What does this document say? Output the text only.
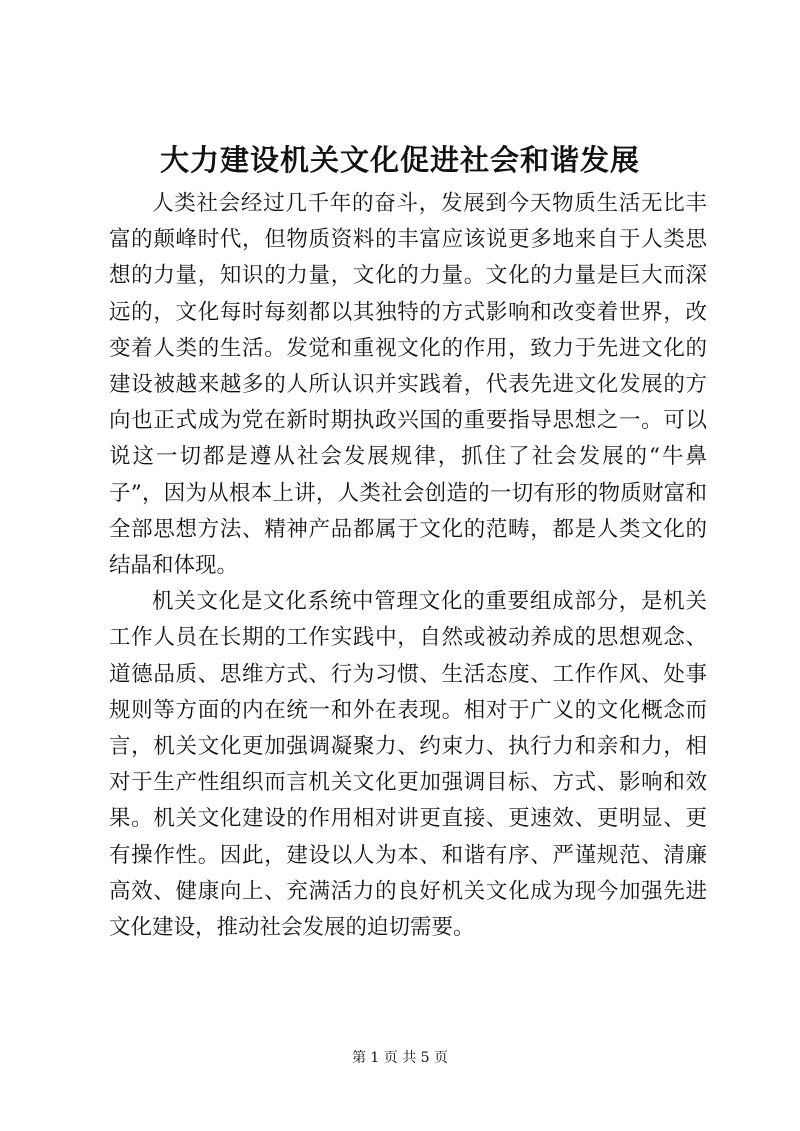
大力建设机关文化促进社会和谐发展

人类社会经过几千年的奋斗，发展到今天物质生活无比丰富的颠峰时代，但物质资料的丰富应该说更多地来自于人类思想的力量，知识的力量，文化的力量。文化的力量是巨大而深远的，文化每时每刻都以其独特的方式影响和改变着世界，改变着人类的生活。发觉和重视文化的作用，致力于先进文化的建设被越来越多的人所认识并实践着，代表先进文化发展的方向也正式成为党在新时期执政兴国的重要指导思想之一。可以说这一切都是遵从社会发展规律，抓住了社会发展的“牛鼻子”，因为从根本上讲，人类社会创造的一切有形的物质财富和全部思想方法、精神产品都属于文化的范畴，都是人类文化的结晶和体现。

机关文化是文化系统中管理文化的重要组成部分，是机关工作人员在长期的工作实践中，自然或被动养成的思想观念、道德品质、思维方式、行为习惯、生活态度、工作作风、处事规则等方面的内在统一和外在表现。相对于广义的文化概念而言，机关文化更加强调凝聚力、约束力、执行力和亲和力，相对于生产性组织而言机关文化更加强调目标、方式、影响和效果。机关文化建设的作用相对讲更直接、更速效、更明显、更有操作性。因此，建设以人为本、和谐有序、严谨规范、清廉高效、健康向上、充满活力的良好机关文化成为现今加强先进文化建设，推动社会发展的迫切需要。

第 1 页 共 5 页
